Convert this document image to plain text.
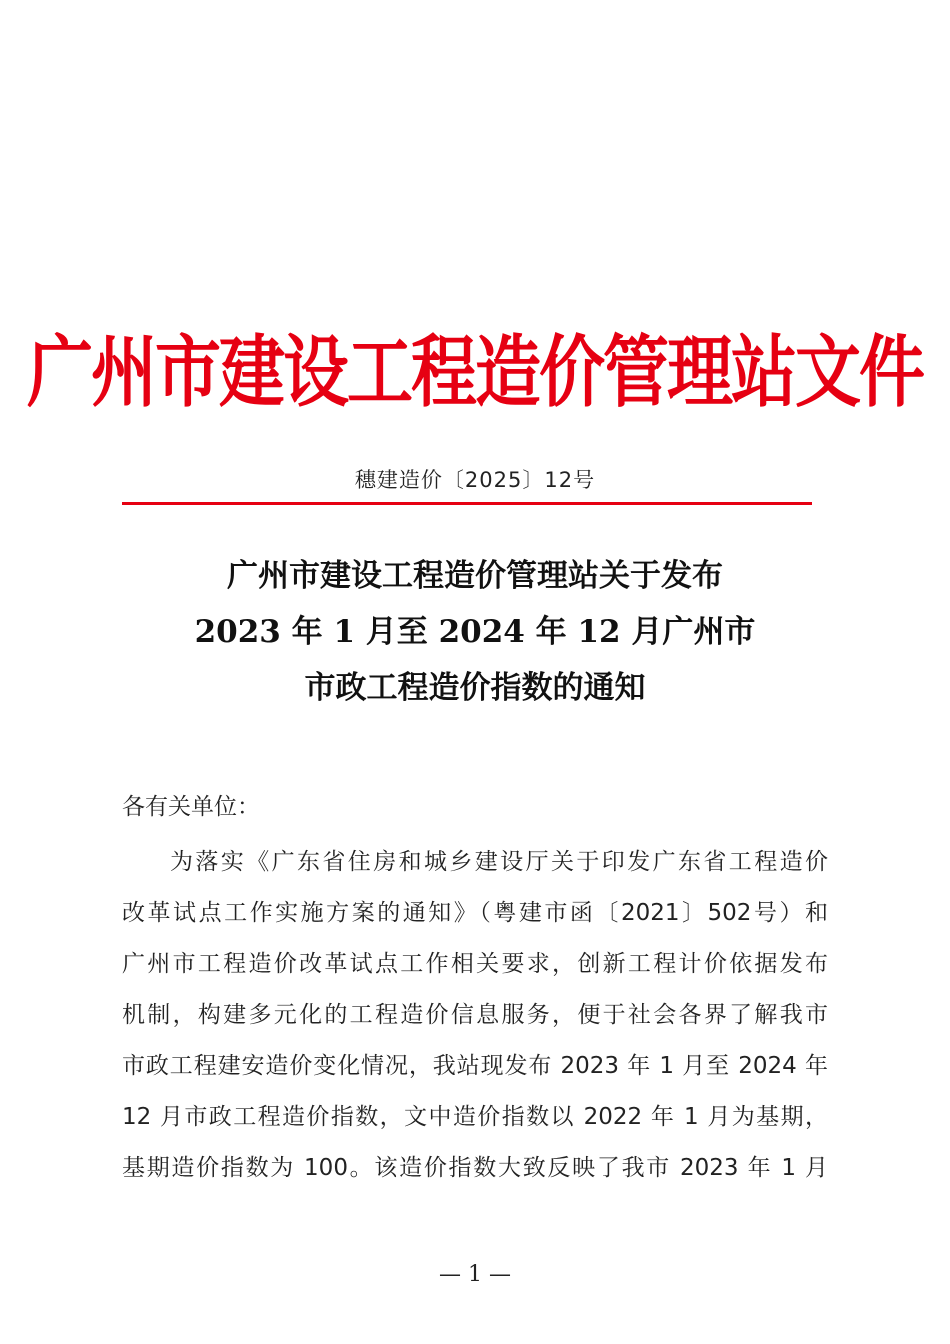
广州市建设工程造价管理站文件
穗建造价〔2025〕12号
广州市建设工程造价管理站关于发布
2023 年 1 月至 2024 年 12 月广州市
市政工程造价指数的通知
各有关单位：
为落实《广东省住房和城乡建设厅关于印发广东省工程造价
改革试点工作实施方案的通知》（粤建市函〔2021〕502号）和
广州市工程造价改革试点工作相关要求，创新工程计价依据发布
机制，构建多元化的工程造价信息服务，便于社会各界了解我市
市政工程建安造价变化情况，我站现发布 2023 年 1 月至 2024 年
12 月市政工程造价指数，文中造价指数以 2022 年 1 月为基期，
基期造价指数为 100。该造价指数大致反映了我市 2023 年 1 月
— 1 —
